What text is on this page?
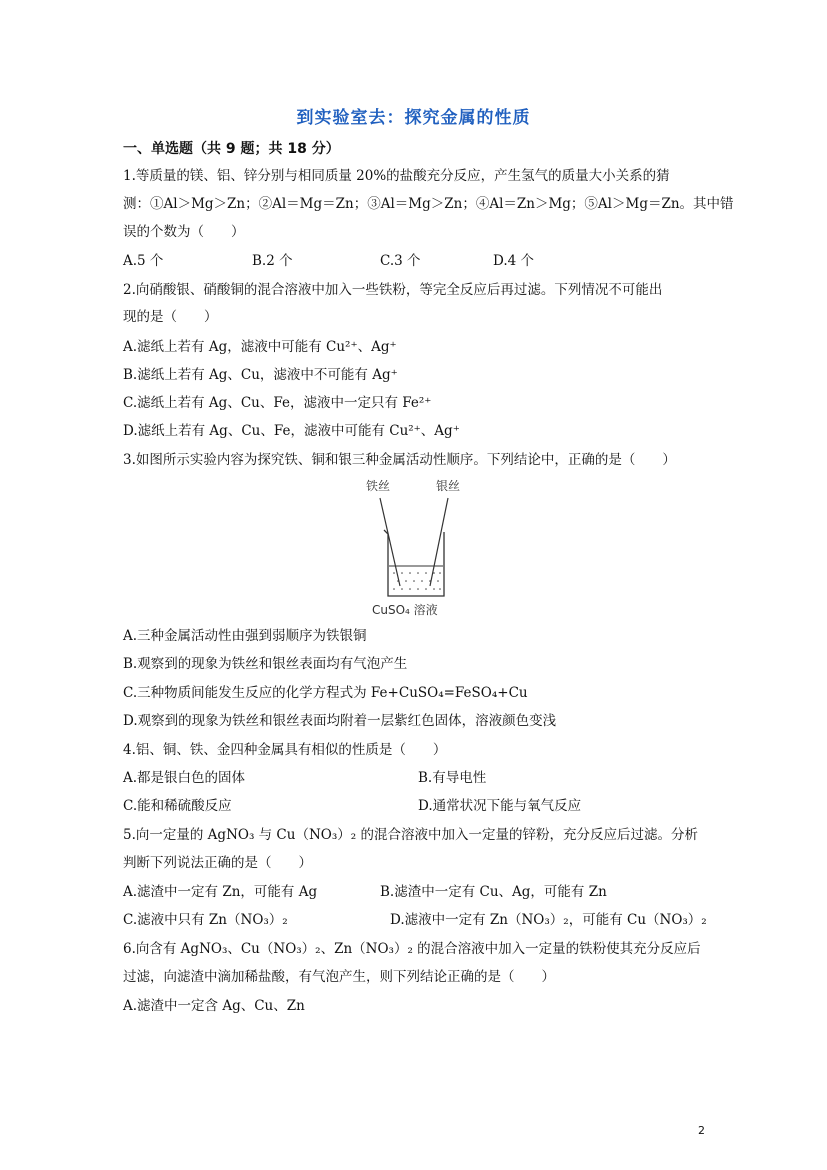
到实验室去：探究金属的性质
一、单选题（共 9 题；共 18 分）
1.等质量的镁、铝、锌分别与相同质量 20%的盐酸充分反应，产生氢气的质量大小关系的猜
测：①Al＞Mg＞Zn；②Al＝Mg＝Zn；③Al＝Mg＞Zn；④Al＝Zn＞Mg；⑤Al＞Mg＝Zn。其中错
误的个数为（　　）
A.5 个	B.2 个	C.3 个	D.4 个
2.向硝酸银、硝酸铜的混合溶液中加入一些铁粉，等完全反应后再过滤。下列情况不可能出
现的是（　　）
A.滤纸上若有 Ag，滤液中可能有 Cu²⁺、Ag⁺
B.滤纸上若有 Ag、Cu，滤液中不可能有 Ag⁺
C.滤纸上若有 Ag、Cu、Fe，滤液中一定只有 Fe²⁺
D.滤纸上若有 Ag、Cu、Fe，滤液中可能有 Cu²⁺、Ag⁺
3.如图所示实验内容为探究铁、铜和银三种金属活动性顺序。下列结论中，正确的是（　　）
铁丝	银丝
CuSO₄ 溶液
A.三种金属活动性由强到弱顺序为铁银铜
B.观察到的现象为铁丝和银丝表面均有气泡产生
C.三种物质间能发生反应的化学方程式为 Fe+CuSO₄=FeSO₄+Cu
D.观察到的现象为铁丝和银丝表面均附着一层紫红色固体，溶液颜色变浅
4.铝、铜、铁、金四种金属具有相似的性质是（　　）
A.都是银白色的固体	B.有导电性
C.能和稀硫酸反应	D.通常状况下能与氧气反应
5.向一定量的 AgNO₃ 与 Cu（NO₃）₂ 的混合溶液中加入一定量的锌粉，充分反应后过滤。分析
判断下列说法正确的是（　　）
A.滤渣中一定有 Zn，可能有 Ag	B.滤渣中一定有 Cu、Ag，可能有 Zn
C.滤液中只有 Zn（NO₃）₂	D.滤液中一定有 Zn（NO₃）₂，可能有 Cu（NO₃）₂
6.向含有 AgNO₃、Cu（NO₃）₂、Zn（NO₃）₂ 的混合溶液中加入一定量的铁粉使其充分反应后
过滤，向滤渣中滴加稀盐酸，有气泡产生，则下列结论正确的是（　　）
A.滤渣中一定含 Ag、Cu、Zn
2
